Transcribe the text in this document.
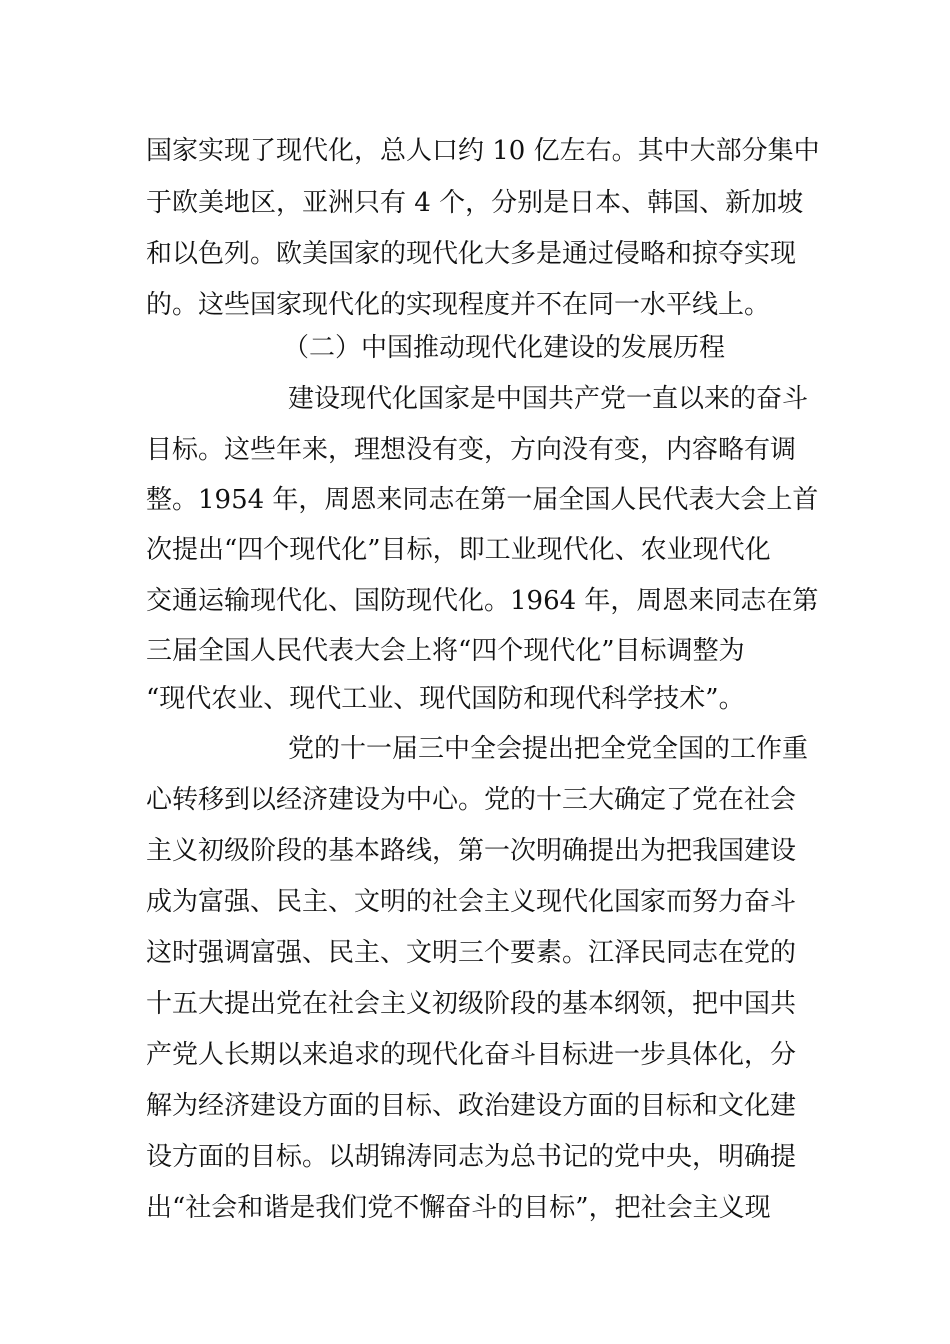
国家实现了现代化，总人口约 10 亿左右。其中大部分集中
于欧美地区，亚洲只有 4 个，分别是日本、韩国、新加坡
和以色列。欧美国家的现代化大多是通过侵略和掠夺实现
的。这些国家现代化的实现程度并不在同一水平线上。
（二）中国推动现代化建设的发展历程
建设现代化国家是中国共产党一直以来的奋斗
目标。这些年来，理想没有变，方向没有变，内容略有调
整。1954 年，周恩来同志在第一届全国人民代表大会上首
次提出“四个现代化”目标，即工业现代化、农业现代化
交通运输现代化、国防现代化。1964 年，周恩来同志在第
三届全国人民代表大会上将“四个现代化”目标调整为
“现代农业、现代工业、现代国防和现代科学技术”。
党的十一届三中全会提出把全党全国的工作重
心转移到以经济建设为中心。党的十三大确定了党在社会
主义初级阶段的基本路线，第一次明确提出为把我国建设
成为富强、民主、文明的社会主义现代化国家而努力奋斗
这时强调富强、民主、文明三个要素。江泽民同志在党的
十五大提出党在社会主义初级阶段的基本纲领，把中国共
产党人长期以来追求的现代化奋斗目标进一步具体化，分
解为经济建设方面的目标、政治建设方面的目标和文化建
设方面的目标。以胡锦涛同志为总书记的党中央，明确提
出“社会和谐是我们党不懈奋斗的目标”，把社会主义现
